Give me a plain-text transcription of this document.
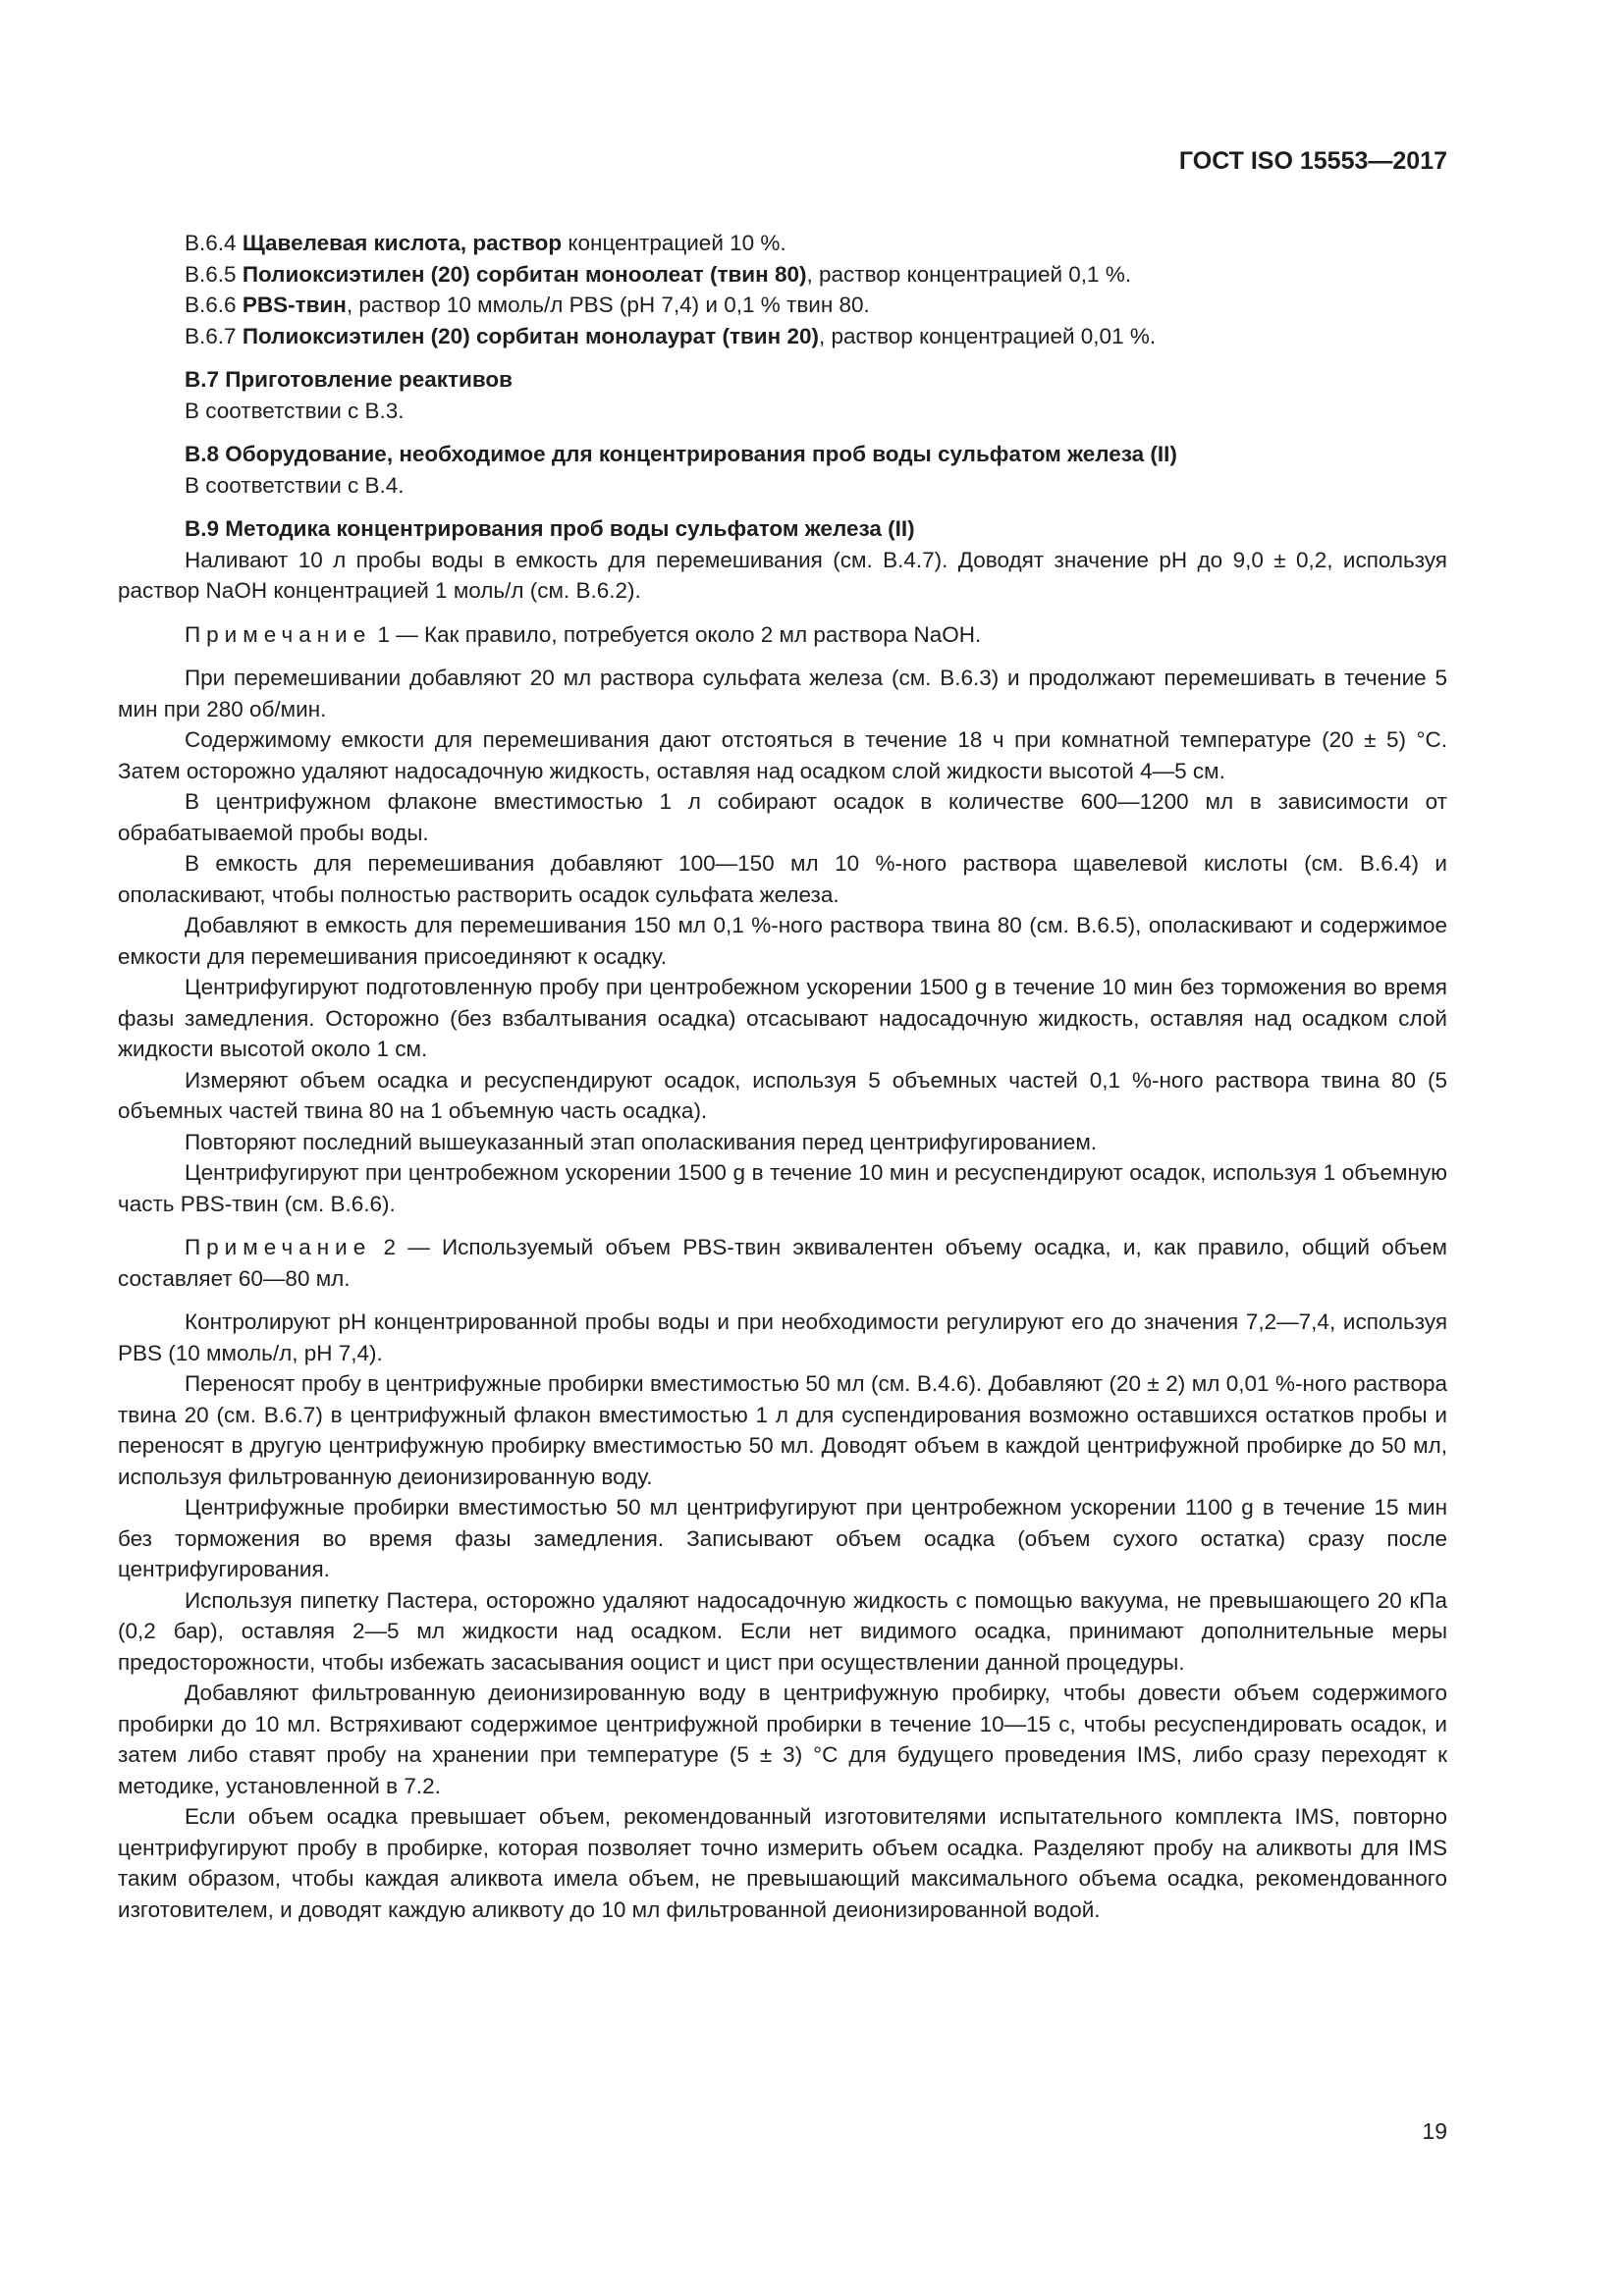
ГОСТ ISO 15553—2017

B.6.4 Щавелевая кислота, раствор концентрацией 10 %.

B.6.5 Полиоксиэтилен (20) сорбитан моноолеат (твин 80), раствор концентрацией 0,1 %.

B.6.6 PBS-твин, раствор 10 ммоль/л PBS (pH 7,4) и 0,1 % твин 80.

B.6.7 Полиоксиэтилен (20) сорбитан монолаурат (твин 20), раствор концентрацией 0,01 %.

B.7 Приготовление реактивов

В соответствии с B.3.

B.8 Оборудование, необходимое для концентрирования проб воды сульфатом железа (II)

В соответствии с B.4.

B.9 Методика концентрирования проб воды сульфатом железа (II)

Наливают 10 л пробы воды в емкость для перемешивания (см. B.4.7). Доводят значение pH до 9,0 ± 0,2, используя раствор NaOH концентрацией 1 моль/л (см. B.6.2).

Примечание 1 — Как правило, потребуется около 2 мл раствора NaOH.

При перемешивании добавляют 20 мл раствора сульфата железа (см. B.6.3) и продолжают перемешивать в течение 5 мин при 280 об/мин.

Содержимому емкости для перемешивания дают отстояться в течение 18 ч при комнатной температуре (20 ± 5) °С. Затем осторожно удаляют надосадочную жидкость, оставляя над осадком слой жидкости высотой 4—5 см.

В центрифужном флаконе вместимостью 1 л собирают осадок в количестве 600—1200 мл в зависимости от обрабатываемой пробы воды.

В емкость для перемешивания добавляют 100—150 мл 10 %-ного раствора щавелевой кислоты (см. B.6.4) и ополаскивают, чтобы полностью растворить осадок сульфата железа.

Добавляют в емкость для перемешивания 150 мл 0,1 %-ного раствора твина 80 (см. B.6.5), ополаскивают и содержимое емкости для перемешивания присоединяют к осадку.

Центрифугируют подготовленную пробу при центробежном ускорении 1500 g в течение 10 мин без торможения во время фазы замедления. Осторожно (без взбалтывания осадка) отсасывают надосадочную жидкость, оставляя над осадком слой жидкости высотой около 1 см.

Измеряют объем осадка и ресуспендируют осадок, используя 5 объемных частей 0,1 %-ного раствора твина 80 (5 объемных частей твина 80 на 1 объемную часть осадка).

Повторяют последний вышеуказанный этап ополаскивания перед центрифугированием.

Центрифугируют при центробежном ускорении 1500 g в течение 10 мин и ресуспендируют осадок, используя 1 объемную часть PBS-твин (см. B.6.6).

Примечание 2 — Используемый объем PBS-твин эквивалентен объему осадка, и, как правило, общий объем составляет 60—80 мл.

Контролируют pH концентрированной пробы воды и при необходимости регулируют его до значения 7,2—7,4, используя PBS (10 ммоль/л, pH 7,4).

Переносят пробу в центрифужные пробирки вместимостью 50 мл (см. B.4.6). Добавляют (20 ± 2) мл 0,01 %-ного раствора твина 20 (см. B.6.7) в центрифужный флакон вместимостью 1 л для суспендирования возможно оставшихся остатков пробы и переносят в другую центрифужную пробирку вместимостью 50 мл. Доводят объем в каждой центрифужной пробирке до 50 мл, используя фильтрованную деионизированную воду.

Центрифужные пробирки вместимостью 50 мл центрифугируют при центробежном ускорении 1100 g в течение 15 мин без торможения во время фазы замедления. Записывают объем осадка (объем сухого остатка) сразу после центрифугирования.

Используя пипетку Пастера, осторожно удаляют надосадочную жидкость с помощью вакуума, не превышающего 20 кПа (0,2 бар), оставляя 2—5 мл жидкости над осадком. Если нет видимого осадка, принимают дополнительные меры предосторожности, чтобы избежать засасывания ооцист и цист при осуществлении данной процедуры.

Добавляют фильтрованную деионизированную воду в центрифужную пробирку, чтобы довести объем содержимого пробирки до 10 мл. Встряхивают содержимое центрифужной пробирки в течение 10—15 с, чтобы ресуспендировать осадок, и затем либо ставят пробу на хранении при температуре (5 ± 3) °С для будущего проведения IMS, либо сразу переходят к методике, установленной в 7.2.

Если объем осадка превышает объем, рекомендованный изготовителями испытательного комплекта IMS, повторно центрифугируют пробу в пробирке, которая позволяет точно измерить объем осадка. Разделяют пробу на аликвоты для IMS таким образом, чтобы каждая аликвота имела объем, не превышающий максимального объема осадка, рекомендованного изготовителем, и доводят каждую аликвоту до 10 мл фильтрованной деионизированной водой.

19
